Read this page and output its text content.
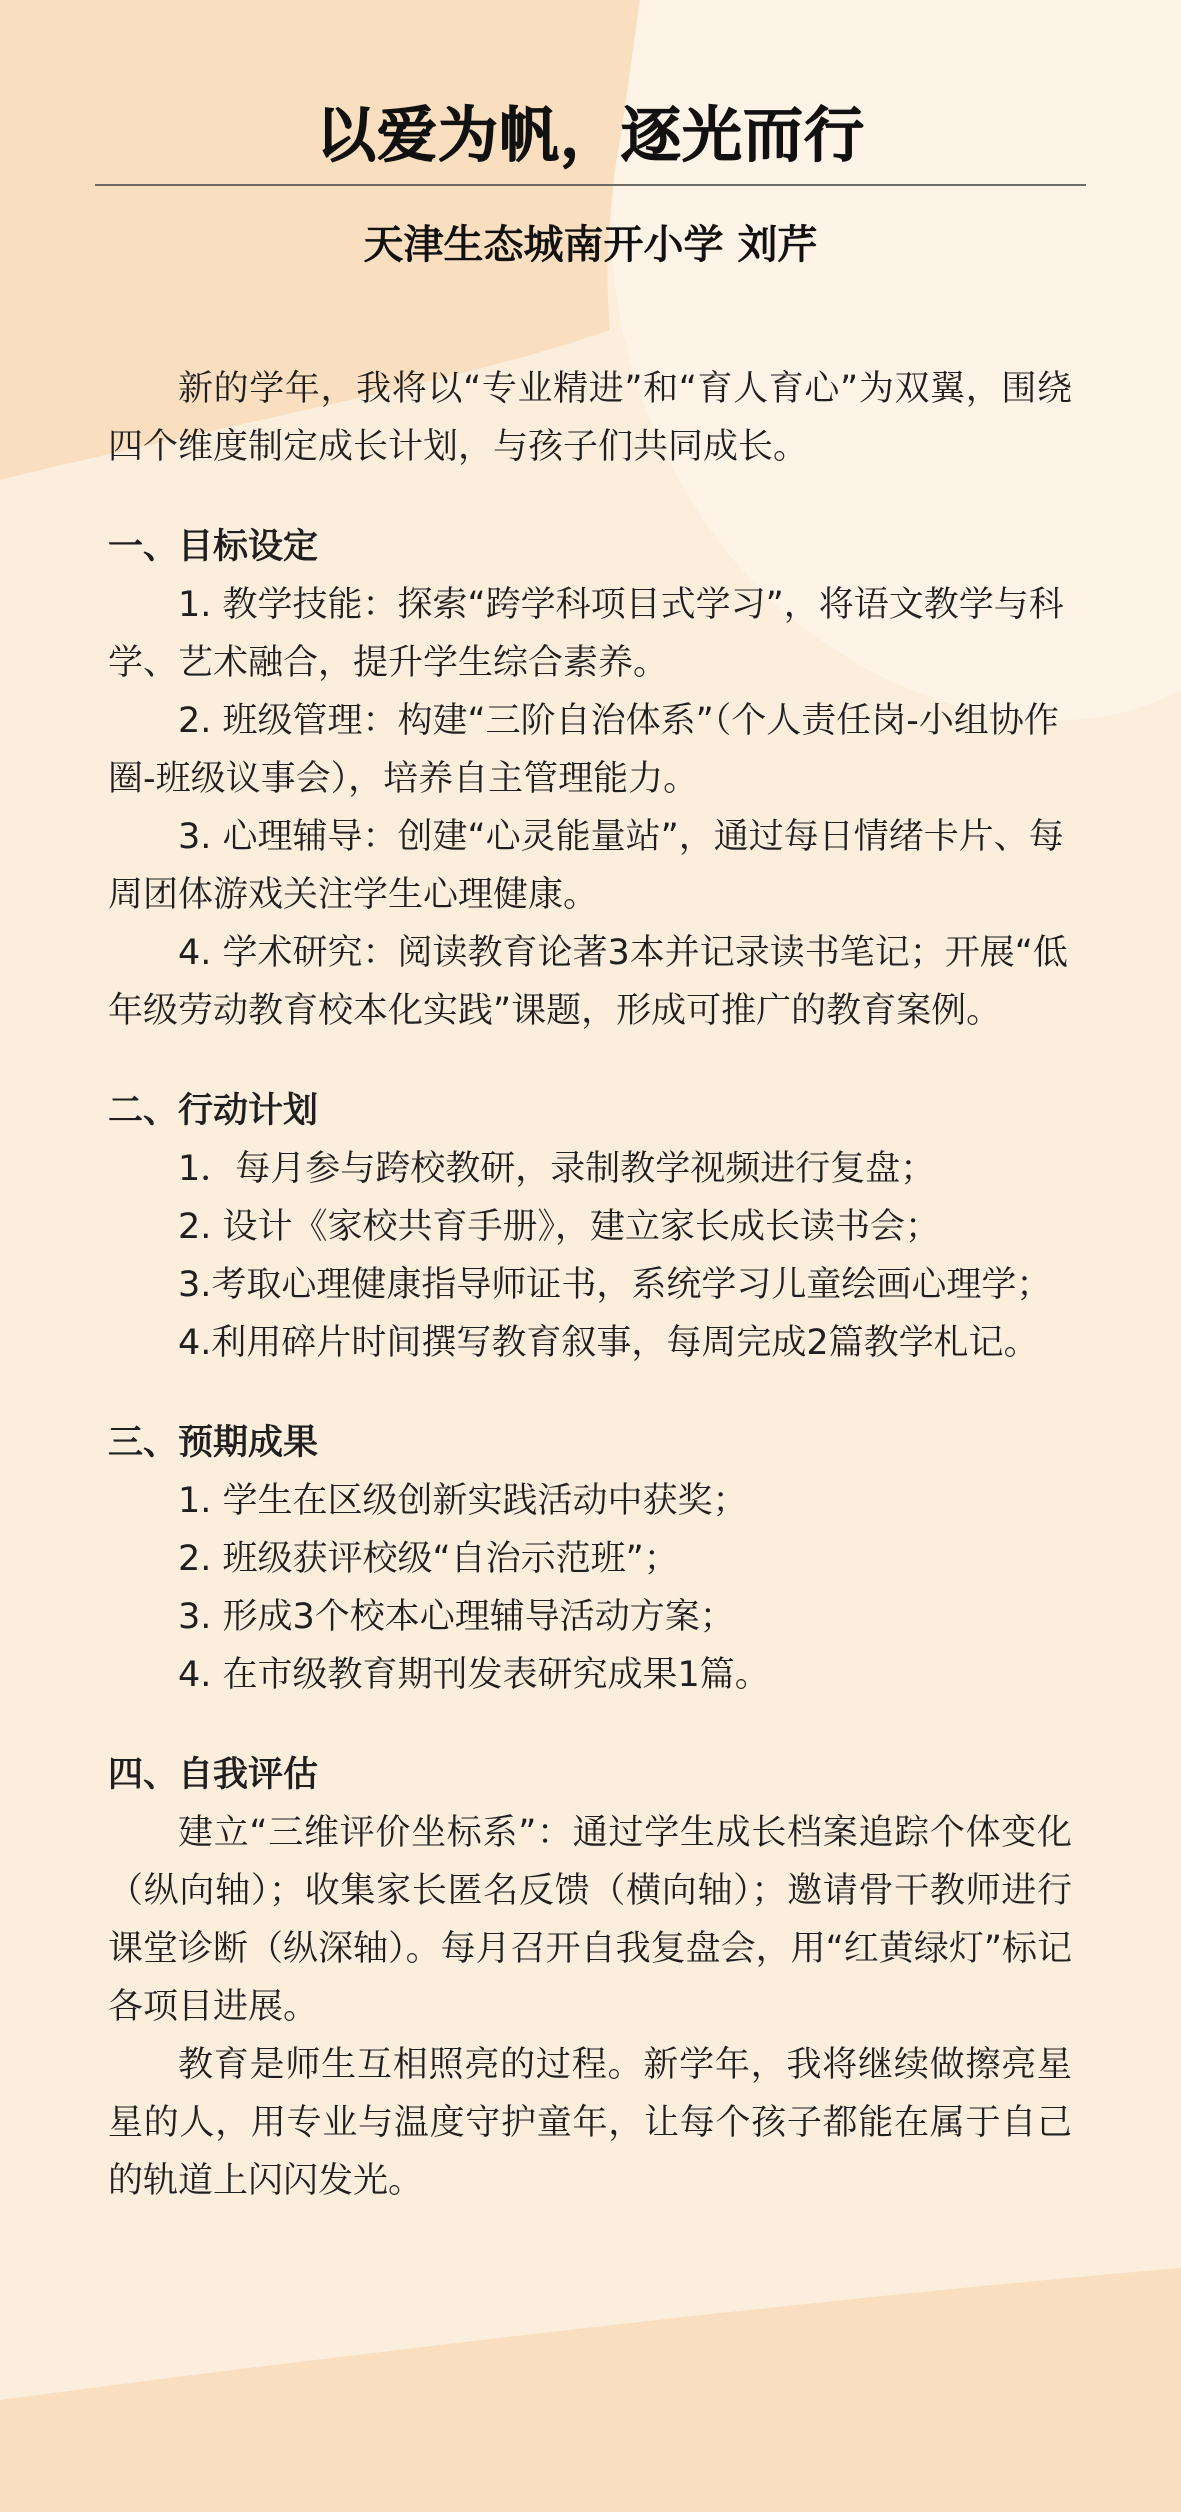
以爱为帆，逐光而行
天津生态城南开小学 刘芹

新的学年，我将以“专业精进”和“育人育心”为双翼，围绕四个维度制定成长计划，与孩子们共同成长。

一、目标设定

1. 教学技能：探索“跨学科项目式学习”，将语文教学与科学、艺术融合，提升学生综合素养。

2. 班级管理：构建“三阶自治体系”（个人责任岗-小组协作圈-班级议事会），培养自主管理能力。

3. 心理辅导：创建“心灵能量站”，通过每日情绪卡片、每周团体游戏关注学生心理健康。

4. 学术研究：阅读教育论著3本并记录读书笔记；开展“低年级劳动教育校本化实践”课题，形成可推广的教育案例。

二、行动计划

1．每月参与跨校教研，录制教学视频进行复盘；

2. 设计《家校共育手册》，建立家长成长读书会；

3.考取心理健康指导师证书，系统学习儿童绘画心理学；

4.利用碎片时间撰写教育叙事，每周完成2篇教学札记。

三、预期成果

1. 学生在区级创新实践活动中获奖；

2. 班级获评校级“自治示范班”；

3. 形成3个校本心理辅导活动方案；

4. 在市级教育期刊发表研究成果1篇。

四、自我评估

建立“三维评价坐标系”：通过学生成长档案追踪个体变化（纵向轴）；收集家长匿名反馈（横向轴）；邀请骨干教师进行课堂诊断（纵深轴）。每月召开自我复盘会，用“红黄绿灯”标记各项目进展。

教育是师生互相照亮的过程。新学年，我将继续做擦亮星星的人，用专业与温度守护童年，让每个孩子都能在属于自己的轨道上闪闪发光。
